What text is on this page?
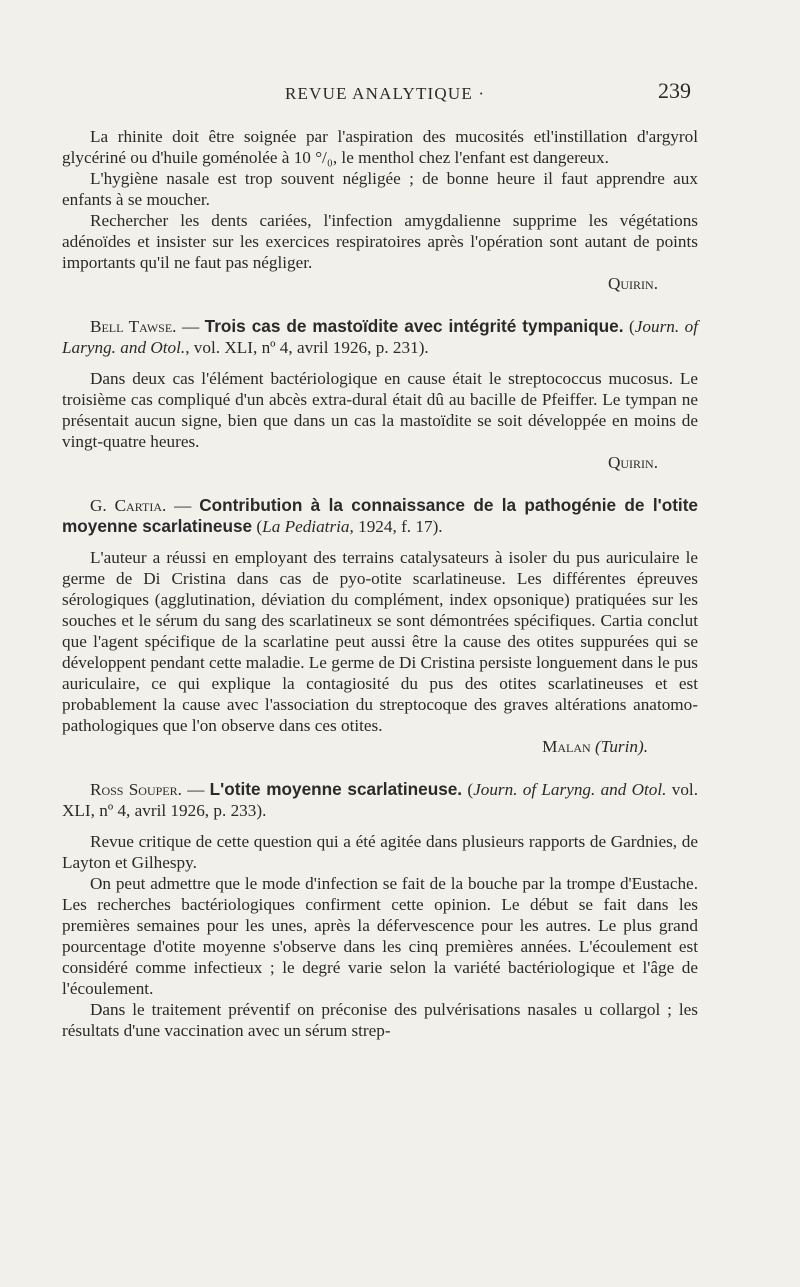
REVUE ANALYTIQUE ·	239

La rhinite doit être soignée par l'aspiration des mucosités etl'instillation d'argyrol glycériné ou d'huile goménolée à 10 °/₀, le menthol chez l'enfant est dangereux.

L'hygiène nasale est trop souvent négligée ; de bonne heure il faut apprendre aux enfants à se moucher.

Rechercher les dents cariées, l'infection amygdalienne supprime les végétations adénoïdes et insister sur les exercices respiratoires après l'opération sont autant de points importants qu'il ne faut pas négliger.

Quirin.

Bell Tawse. — Trois cas de mastoïdite avec intégrité tympanique. (Journ. of Laryng. and Otol., vol. XLI, nº 4, avril 1926, p. 231).

Dans deux cas l'élément bactériologique en cause était le streptococcus mucosus. Le troisième cas compliqué d'un abcès extra-dural était dû au bacille de Pfeiffer. Le tympan ne présentait aucun signe, bien que dans un cas la mastoïdite se soit développée en moins de vingt-quatre heures.

Quirin.

G. Cartia. — Contribution à la connaissance de la pathogénie de l'otite moyenne scarlatineuse (La Pediatria, 1924, f. 17).

L'auteur a réussi en employant des terrains catalysateurs à isoler du pus auriculaire le germe de Di Cristina dans cas de pyo-otite scarlatineuse. Les différentes épreuves sérologiques (agglutination, déviation du complément, index opsonique) pratiquées sur les souches et le sérum du sang des scarlatineux se sont démontrées spécifiques. Cartia conclut que l'agent spécifique de la scarlatine peut aussi être la cause des otites suppurées qui se développent pendant cette maladie. Le germe de Di Cristina persiste longuement dans le pus auriculaire, ce qui explique la contagiosité du pus des otites scarlatineuses et est probablement la cause avec l'association du streptocoque des graves altérations anatomo-pathologiques que l'on observe dans ces otites.

Malan (Turin).

Ross Souper. — L'otite moyenne scarlatineuse. (Journ. of Laryng. and Otol. vol. XLI, nº 4, avril 1926, p. 233).

Revue critique de cette question qui a été agitée dans plusieurs rapports de Gardnies, de Layton et Gilhespy.

On peut admettre que le mode d'infection se fait de la bouche par la trompe d'Eustache. Les recherches bactériologiques confirment cette opinion. Le début se fait dans les premières semaines pour les unes, après la défervescence pour les autres. Le plus grand pourcentage d'otite moyenne s'observe dans les cinq premières années. L'écoulement est considéré comme infectieux ; le degré varie selon la variété bactériologique et l'âge de l'écoulement.

Dans le traitement préventif on préconise des pulvérisations nasales u collargol ; les résultats d'une vaccination avec un sérum strep-
